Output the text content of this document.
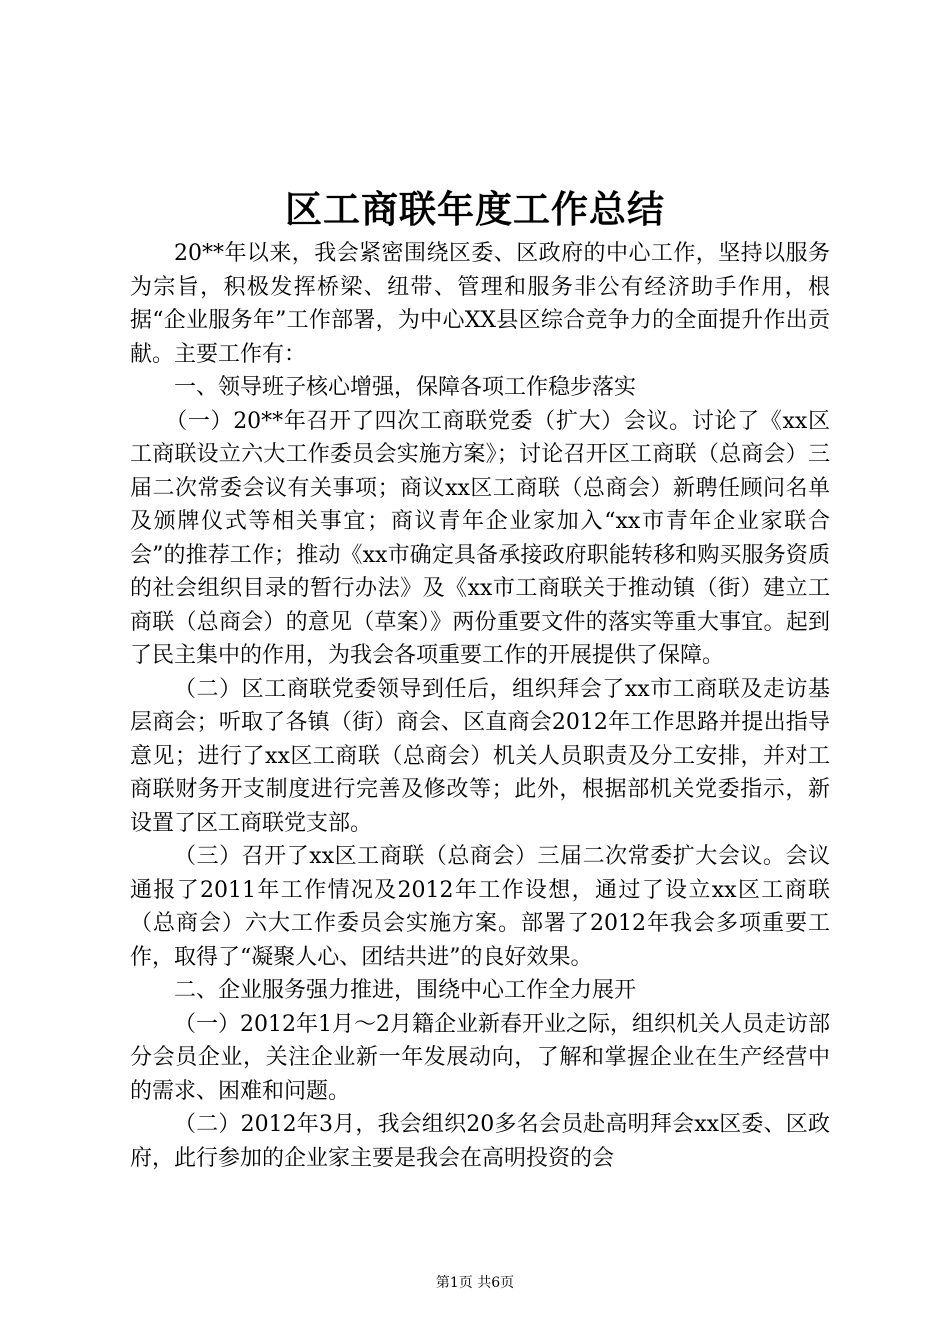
区工商联年度工作总结

20**年以来，我会紧密围绕区委、区政府的中心工作，坚持以服务为宗旨，积极发挥桥梁、纽带、管理和服务非公有经济助手作用，根据“企业服务年”工作部署，为中心XX县区综合竞争力的全面提升作出贡献。主要工作有：

一、领导班子核心增强，保障各项工作稳步落实

（一）20**年召开了四次工商联党委（扩大）会议。讨论了《xx区工商联设立六大工作委员会实施方案》；讨论召开区工商联（总商会）三届二次常委会议有关事项；商议xx区工商联（总商会）新聘任顾问名单及颁牌仪式等相关事宜；商议青年企业家加入“xx市青年企业家联合会”的推荐工作；推动《xx市确定具备承接政府职能转移和购买服务资质的社会组织目录的暂行办法》及《xx市工商联关于推动镇（街）建立工商联（总商会）的意见（草案）》两份重要文件的落实等重大事宜。起到了民主集中的作用，为我会各项重要工作的开展提供了保障。

（二）区工商联党委领导到任后，组织拜会了xx市工商联及走访基层商会；听取了各镇（街）商会、区直商会2012年工作思路并提出指导意见；进行了xx区工商联（总商会）机关人员职责及分工安排，并对工商联财务开支制度进行完善及修改等；此外，根据部机关党委指示，新设置了区工商联党支部。

（三）召开了xx区工商联（总商会）三届二次常委扩大会议。会议通报了2011年工作情况及2012年工作设想，通过了设立xx区工商联（总商会）六大工作委员会实施方案。部署了2012年我会多项重要工作，取得了“凝聚人心、团结共进”的良好效果。

二、企业服务强力推进，围绕中心工作全力展开

（一）2012年1月～2月籍企业新春开业之际，组织机关人员走访部分会员企业，关注企业新一年发展动向，了解和掌握企业在生产经营中的需求、困难和问题。

（二）2012年3月，我会组织20多名会员赴高明拜会xx区委、区政府，此行参加的企业家主要是我会在高明投资的会

第1页 共6页
